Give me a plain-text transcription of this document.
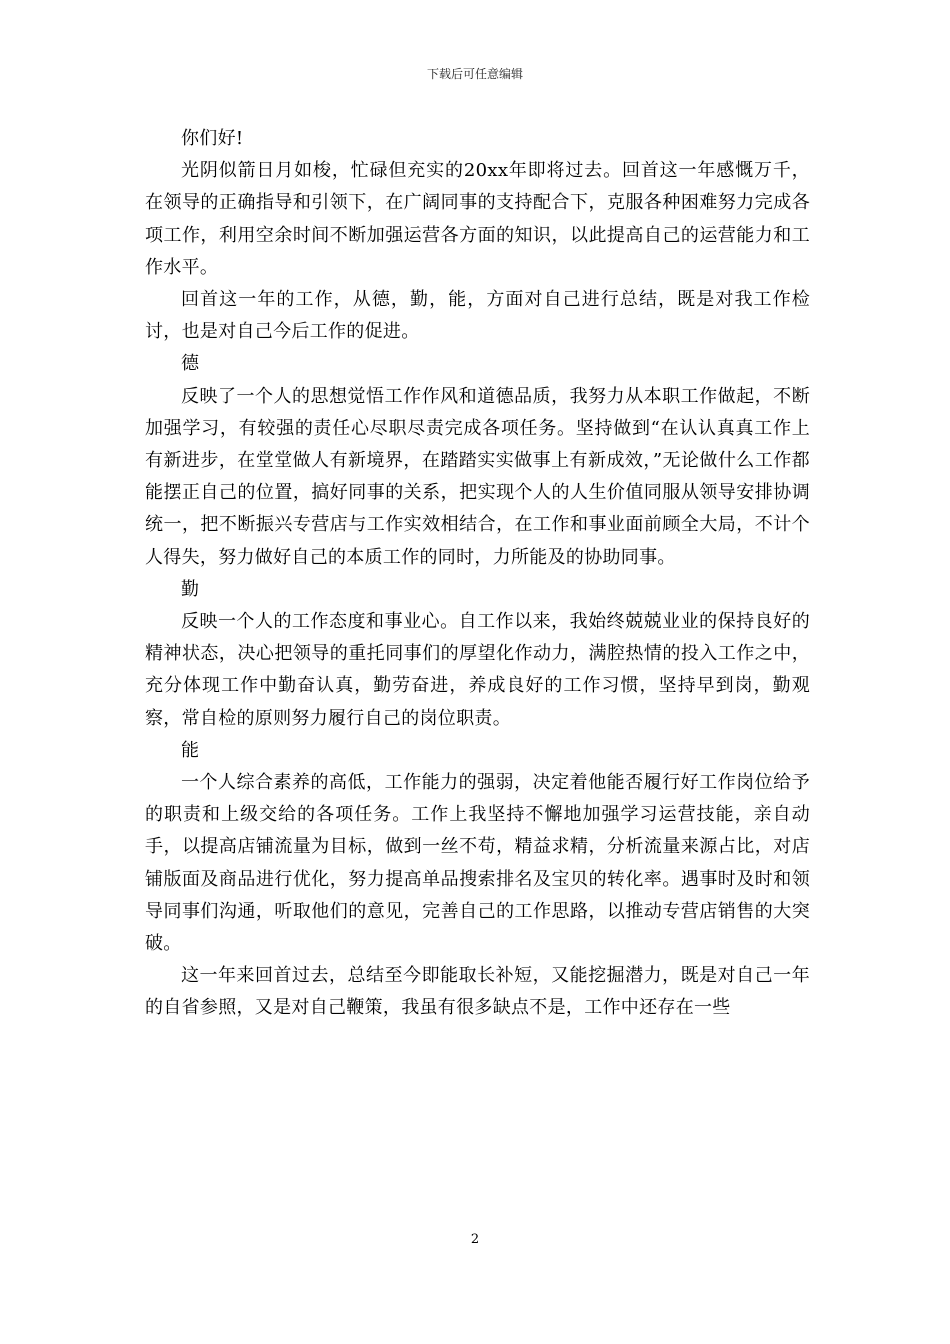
下载后可任意编辑

你们好!

光阴似箭日月如梭，忙碌但充实的20xx年即将过去。回首这一年感慨万千，在领导的正确指导和引领下，在广阔同事的支持配合下，克服各种困难努力完成各项工作，利用空余时间不断加强运营各方面的知识，以此提高自己的运营能力和工作水平。

回首这一年的工作，从德，勤，能，方面对自己进行总结，既是对我工作检讨，也是对自己今后工作的促进。

德

反映了一个人的思想觉悟工作作风和道德品质，我努力从本职工作做起，不断加强学习，有较强的责任心尽职尽责完成各项任务。坚持做到“在认认真真工作上有新进步，在堂堂做人有新境界，在踏踏实实做事上有新成效，”无论做什么工作都能摆正自己的位置，搞好同事的关系，把实现个人的人生价值同服从领导安排协调统一，把不断振兴专营店与工作实效相结合，在工作和事业面前顾全大局，不计个人得失，努力做好自己的本质工作的同时，力所能及的协助同事。

勤

反映一个人的工作态度和事业心。自工作以来，我始终兢兢业业的保持良好的精神状态，决心把领导的重托同事们的厚望化作动力，满腔热情的投入工作之中，充分体现工作中勤奋认真，勤劳奋进，养成良好的工作习惯，坚持早到岗，勤观察，常自检的原则努力履行自己的岗位职责。

能

一个人综合素养的高低，工作能力的强弱，决定着他能否履行好工作岗位给予的职责和上级交给的各项任务。工作上我坚持不懈地加强学习运营技能，亲自动手，以提高店铺流量为目标，做到一丝不苟，精益求精，分析流量来源占比，对店铺版面及商品进行优化，努力提高单品搜索排名及宝贝的转化率。遇事时及时和领导同事们沟通，听取他们的意见，完善自己的工作思路，以推动专营店销售的大突破。

这一年来回首过去，总结至今即能取长补短，又能挖掘潜力，既是对自己一年的自省参照，又是对自己鞭策，我虽有很多缺点不是，工作中还存在一些

2
